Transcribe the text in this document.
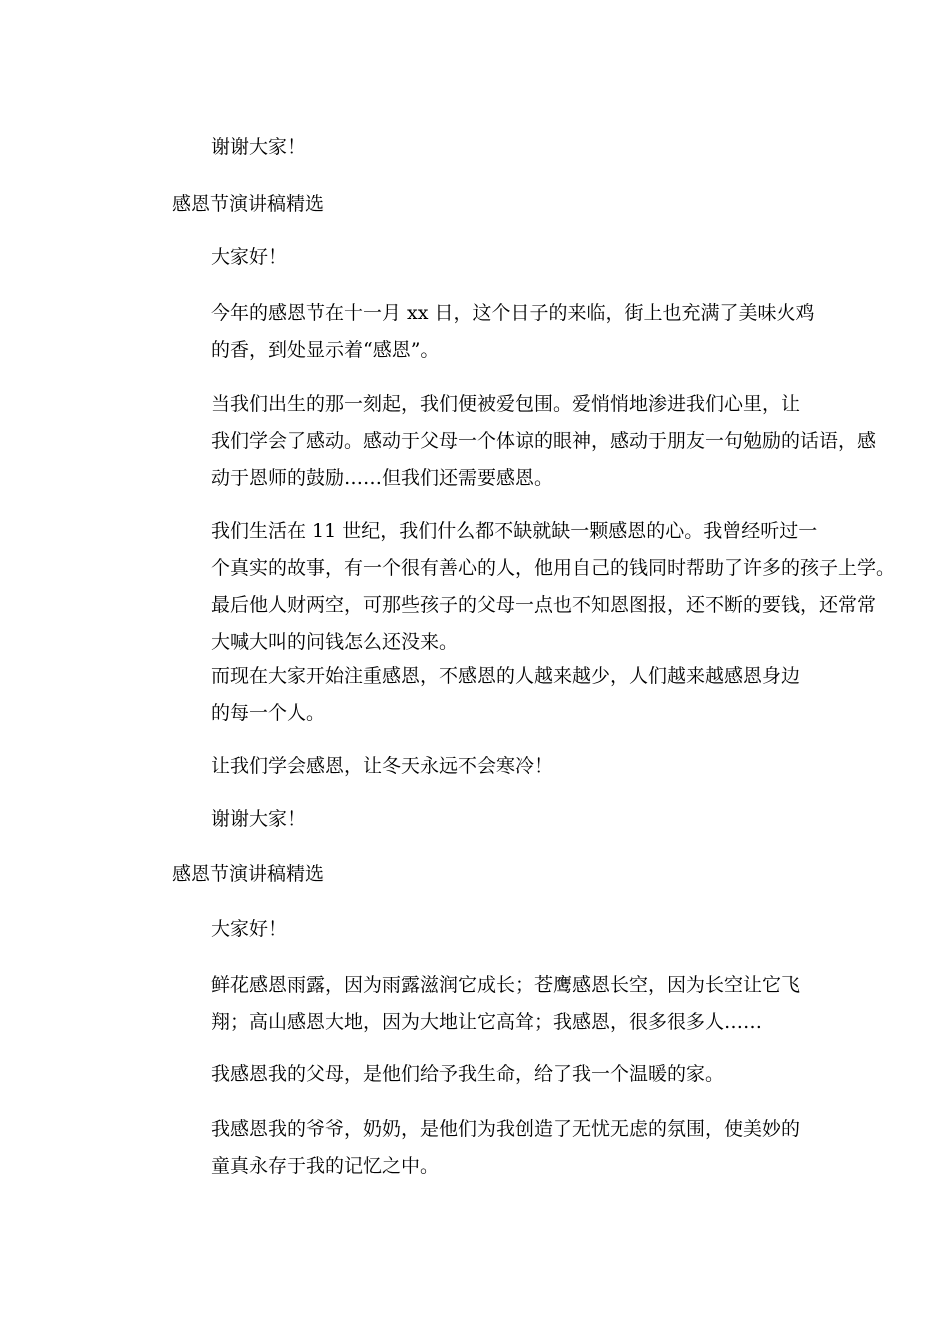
谢谢大家！

感恩节演讲稿精选

大家好！

今年的感恩节在十一月 xx 日，这个日子的来临，街上也充满了美味火鸡
的香，到处显示着“感恩”。

当我们出生的那一刻起，我们便被爱包围。爱悄悄地渗进我们心里，让
我们学会了感动。感动于父母一个体谅的眼神，感动于朋友一句勉励的话语，感
动于恩师的鼓励……但我们还需要感恩。

我们生活在 11 世纪，我们什么都不缺就缺一颗感恩的心。我曾经听过一
个真实的故事，有一个很有善心的人，他用自己的钱同时帮助了许多的孩子上学。
最后他人财两空，可那些孩子的父母一点也不知恩图报，还不断的要钱，还常常
大喊大叫的问钱怎么还没来。

而现在大家开始注重感恩，不感恩的人越来越少，人们越来越感恩身边
的每一个人。

让我们学会感恩，让冬天永远不会寒冷！

谢谢大家！

感恩节演讲稿精选

大家好！

鲜花感恩雨露，因为雨露滋润它成长；苍鹰感恩长空，因为长空让它飞
翔；高山感恩大地，因为大地让它高耸；我感恩，很多很多人……

我感恩我的父母，是他们给予我生命，给了我一个温暖的家。

我感恩我的爷爷，奶奶，是他们为我创造了无忧无虑的氛围，使美妙的
童真永存于我的记忆之中。
